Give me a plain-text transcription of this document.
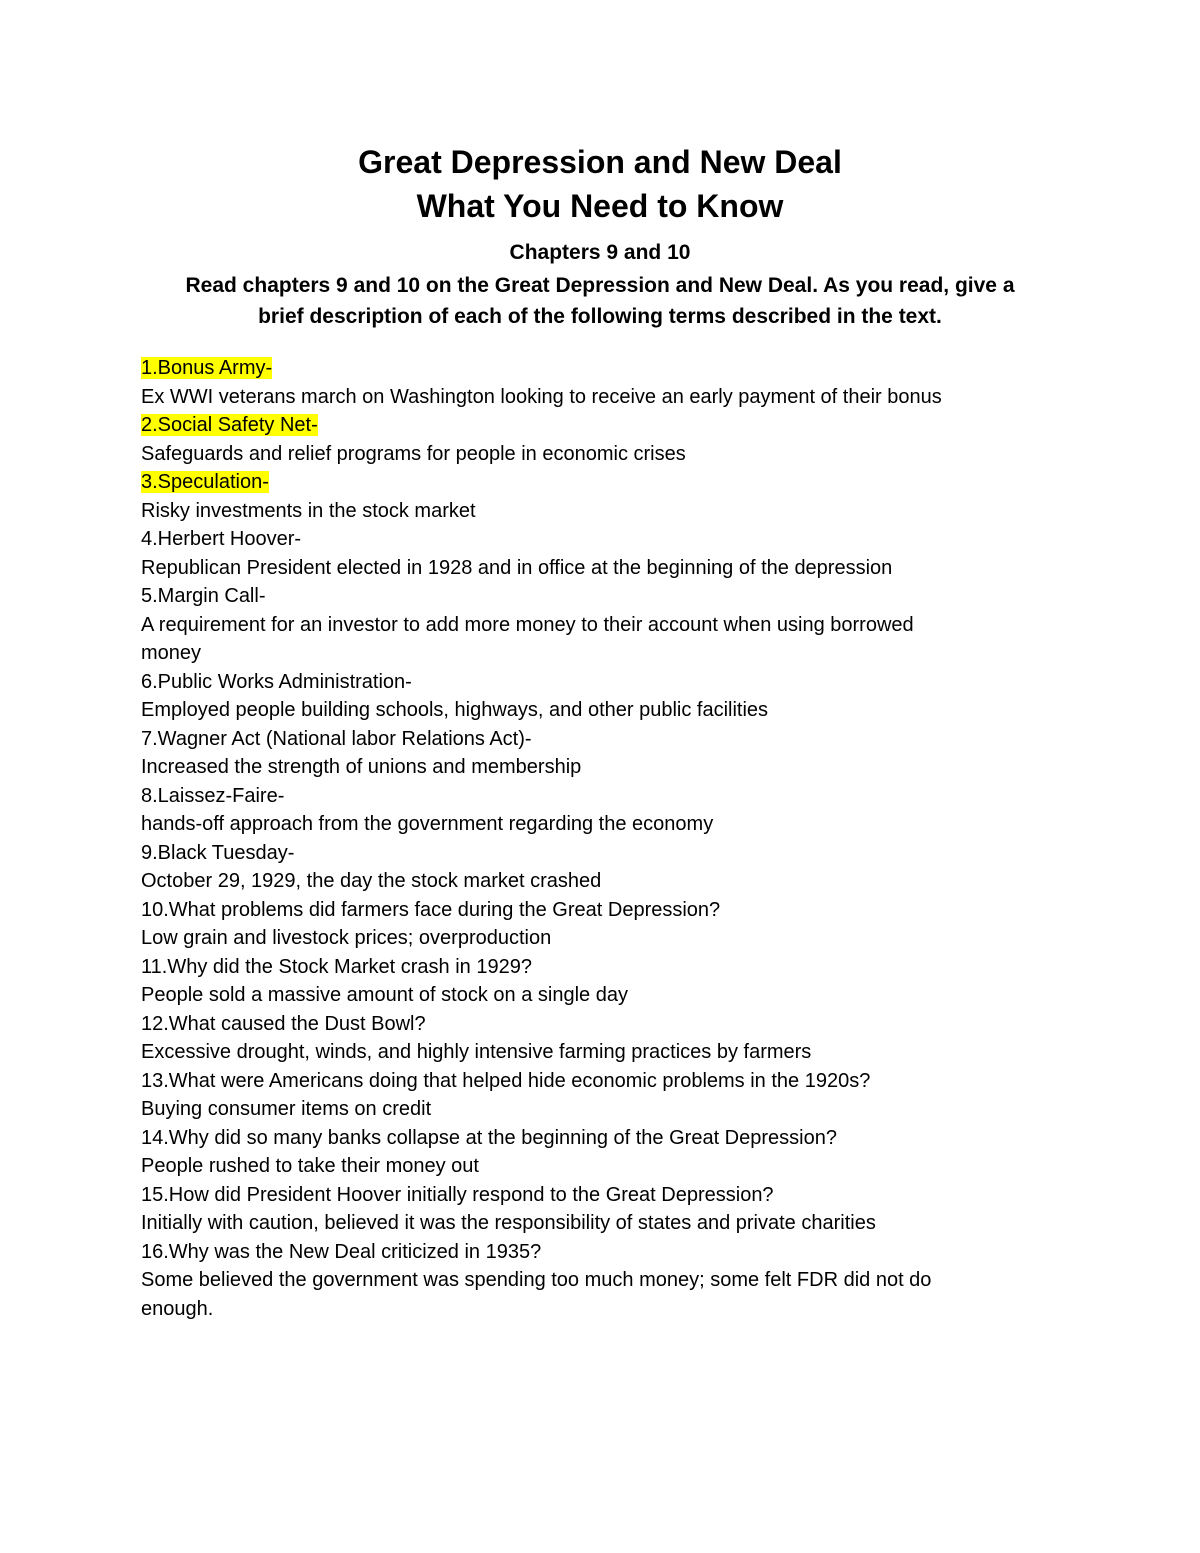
Great Depression and New Deal
What You Need to Know
Chapters 9 and 10
Read chapters 9 and 10 on the Great Depression and New Deal. As you read, give a brief description of each of the following terms described in the text.

1.Bonus Army-

Ex WWI veterans march on Washington looking to receive an early payment of their bonus

2.Social Safety Net-

Safeguards and relief programs for people in economic crises

3.Speculation-

Risky investments in the stock market

4.Herbert Hoover-

Republican President elected in 1928 and in office at the beginning of the depression

5.Margin Call-

A requirement for an investor to add more money to their account when using borrowed money

6.Public Works Administration-

Employed people building schools, highways, and other public facilities

7.Wagner Act (National labor Relations Act)-

Increased the strength of unions and membership

8.Laissez-Faire-

hands-off approach from the government regarding the economy

9.Black Tuesday-

October 29, 1929, the day the stock market crashed

10.What problems did farmers face during the Great Depression?

Low grain and livestock prices; overproduction

11.Why did the Stock Market crash in 1929?

People sold a massive amount of stock on a single day

12.What caused the Dust Bowl?

Excessive drought, winds, and highly intensive farming practices by farmers

13.What were Americans doing that helped hide economic problems in the 1920s?

Buying consumer items on credit

14.Why did so many banks collapse at the beginning of the Great Depression?

People rushed to take their money out

15.How did President Hoover initially respond to the Great Depression?

Initially with caution, believed it was the responsibility of states and private charities

16.Why was the New Deal criticized in 1935?

Some believed the government was spending too much money; some felt FDR did not do enough.
